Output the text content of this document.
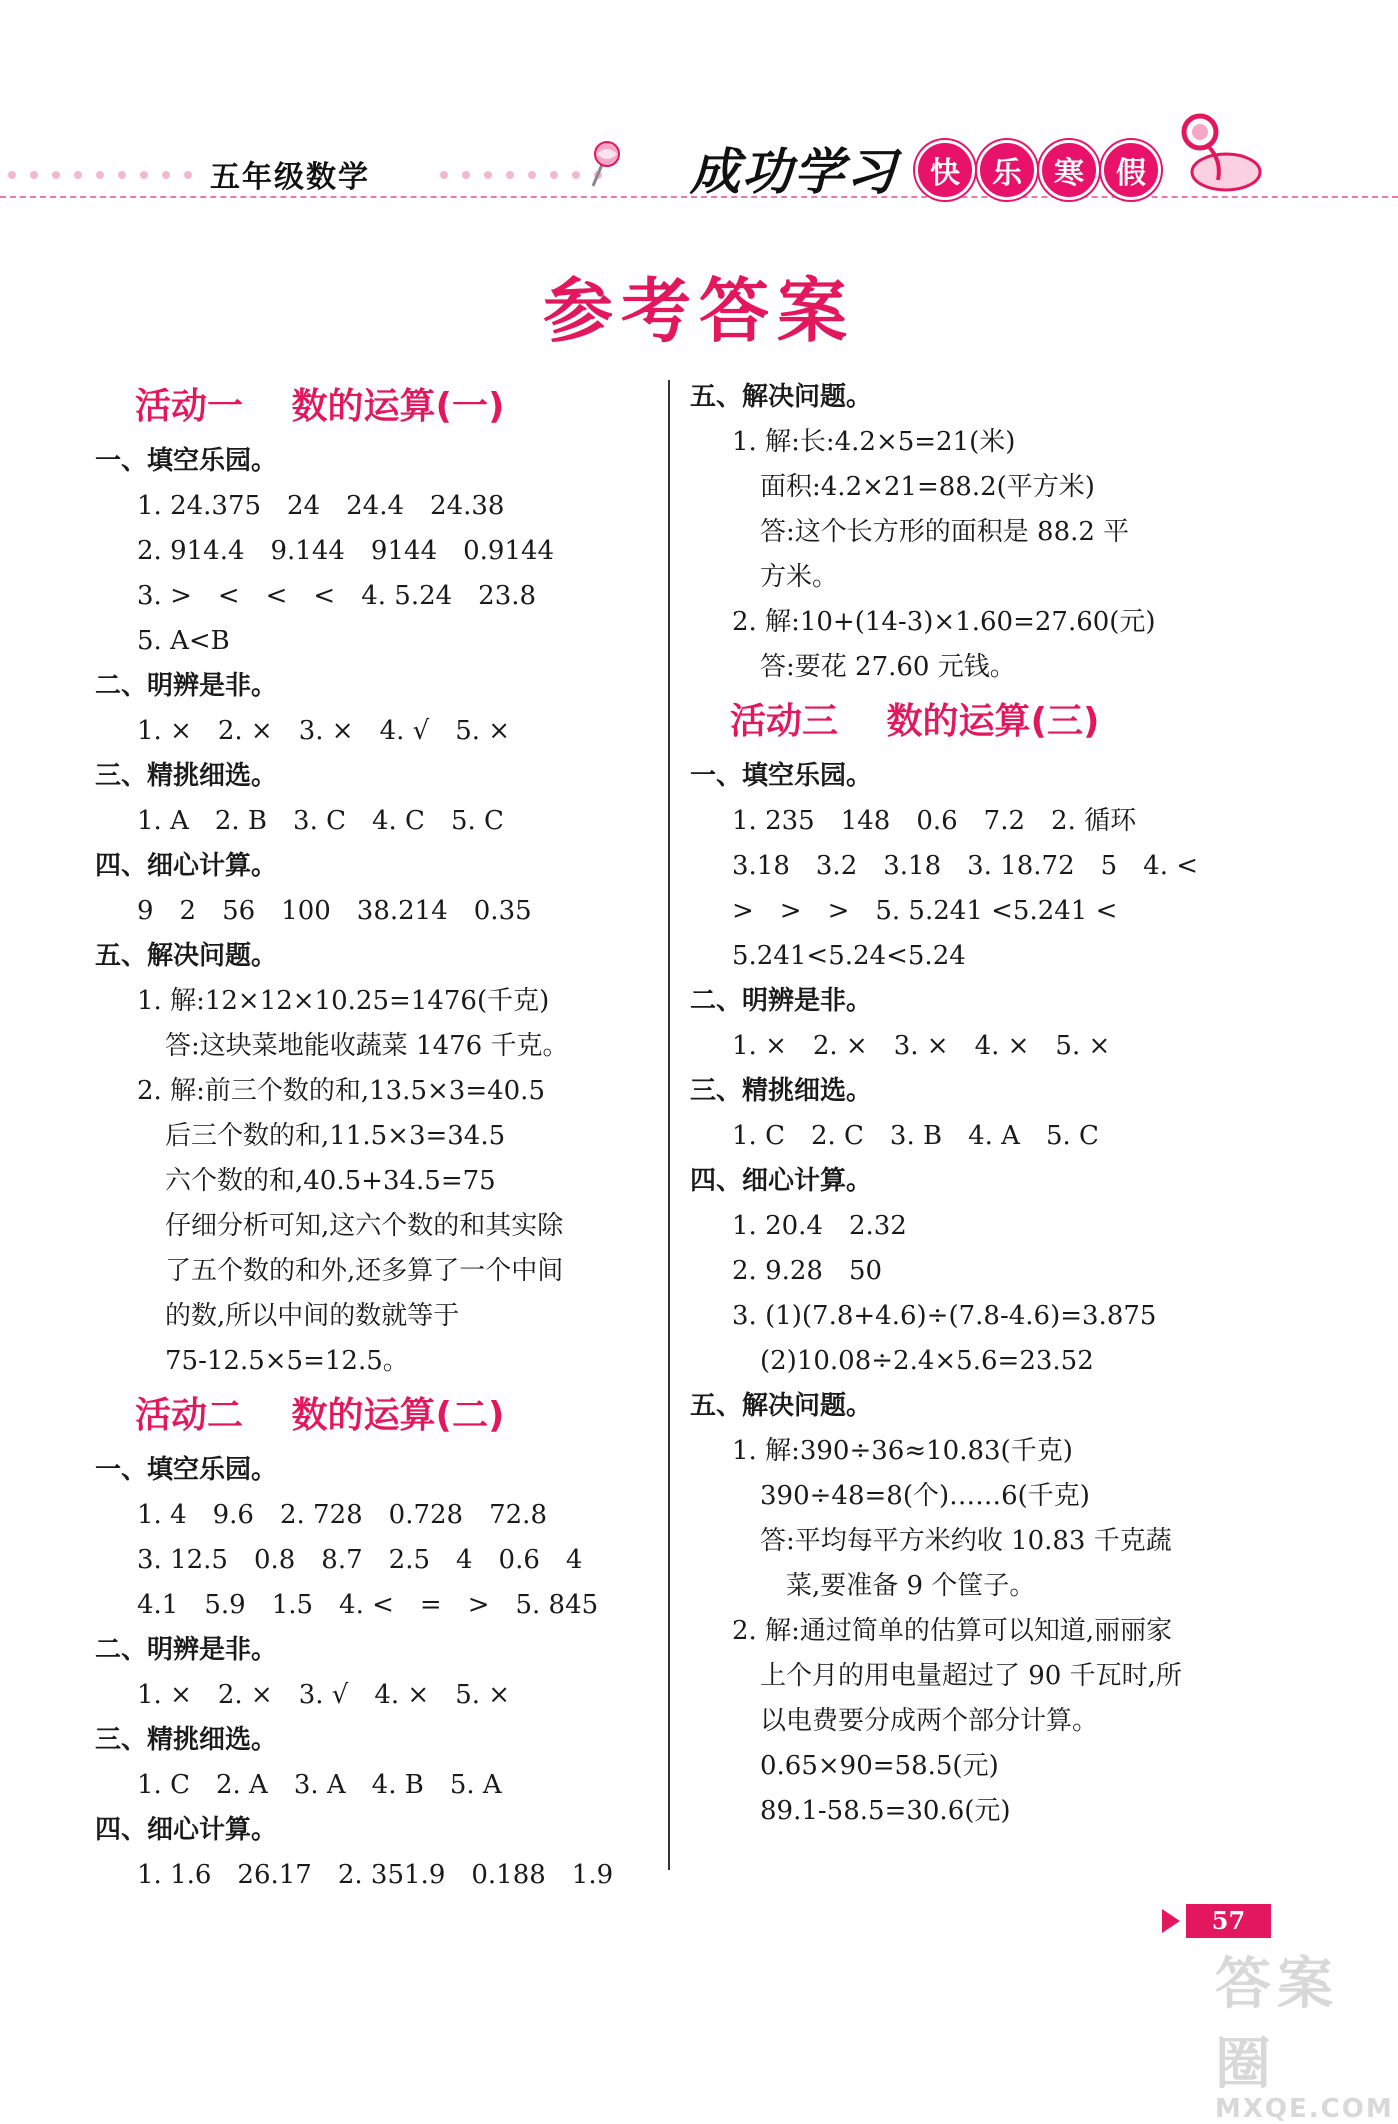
五年级数学	成功学习	快	乐	寒	假
参考答案
活动一　 数的运算(一)
一、填空乐园。
1. 24.375　24　24.4　24.38
2. 914.4　9.144　9144　0.9144
3. >　<　<　<　4. 5.24　23.8
5. A<B
二、明辨是非。
1. ×　2. ×　3. ×　4. √　5. ×
三、精挑细选。
1. A　2. B　3. C　4. C　5. C
四、细心计算。
9　2　56　100　38.214　0.35
五、解决问题。
1. 解:12×12×10.25=1476(千克)
答:这块菜地能收蔬菜 1476 千克。
2. 解:前三个数的和,13.5×3=40.5
后三个数的和,11.5×3=34.5
六个数的和,40.5+34.5=75
仔细分析可知,这六个数的和其实除
了五个数的和外,还多算了一个中间
的数,所以中间的数就等于
75-12.5×5=12.5。
活动二　 数的运算(二)
一、填空乐园。
1. 4　9.6　2. 728　0.728　72.8
3. 12.5　0.8　8.7　2.5　4　0.6　4
4.1　5.9　1.5　4. <　=　>　5. 845
二、明辨是非。
1. ×　2. ×　3. √　4. ×　5. ×
三、精挑细选。
1. C　2. A　3. A　4. B　5. A
四、细心计算。
1. 1.6　26.17　2. 351.9　0.188　1.9
五、解决问题。
1. 解:长:4.2×5=21(米)
面积:4.2×21=88.2(平方米)
答:这个长方形的面积是 88.2 平
方米。
2. 解:10+(14-3)×1.60=27.60(元)
答:要花 27.60 元钱。
活动三　 数的运算(三)
一、填空乐园。
1. 235　148　0.6　7.2　2. 循环
3.18　3.2　3.18　3. 18.72　5　4. <
>　>　>　5. 5.241 <5.241 <
5.241<5.24<5.24
二、明辨是非。
1. ×　2. ×　3. ×　4. ×　5. ×
三、精挑细选。
1. C　2. C　3. B　4. A　5. C
四、细心计算。
1. 20.4　2.32
2. 9.28　50
3. (1)(7.8+4.6)÷(7.8-4.6)=3.875
(2)10.08÷2.4×5.6=23.52
五、解决问题。
1. 解:390÷36≈10.83(千克)
390÷48=8(个)……6(千克)
答:平均每平方米约收 10.83 千克蔬
菜,要准备 9 个筐子。
2. 解:通过简单的估算可以知道,丽丽家
上个月的用电量超过了 90 千瓦时,所
以电费要分成两个部分计算。
0.65×90=58.5(元)
89.1-58.5=30.6(元)
57
答案圈
MXQE.COM
